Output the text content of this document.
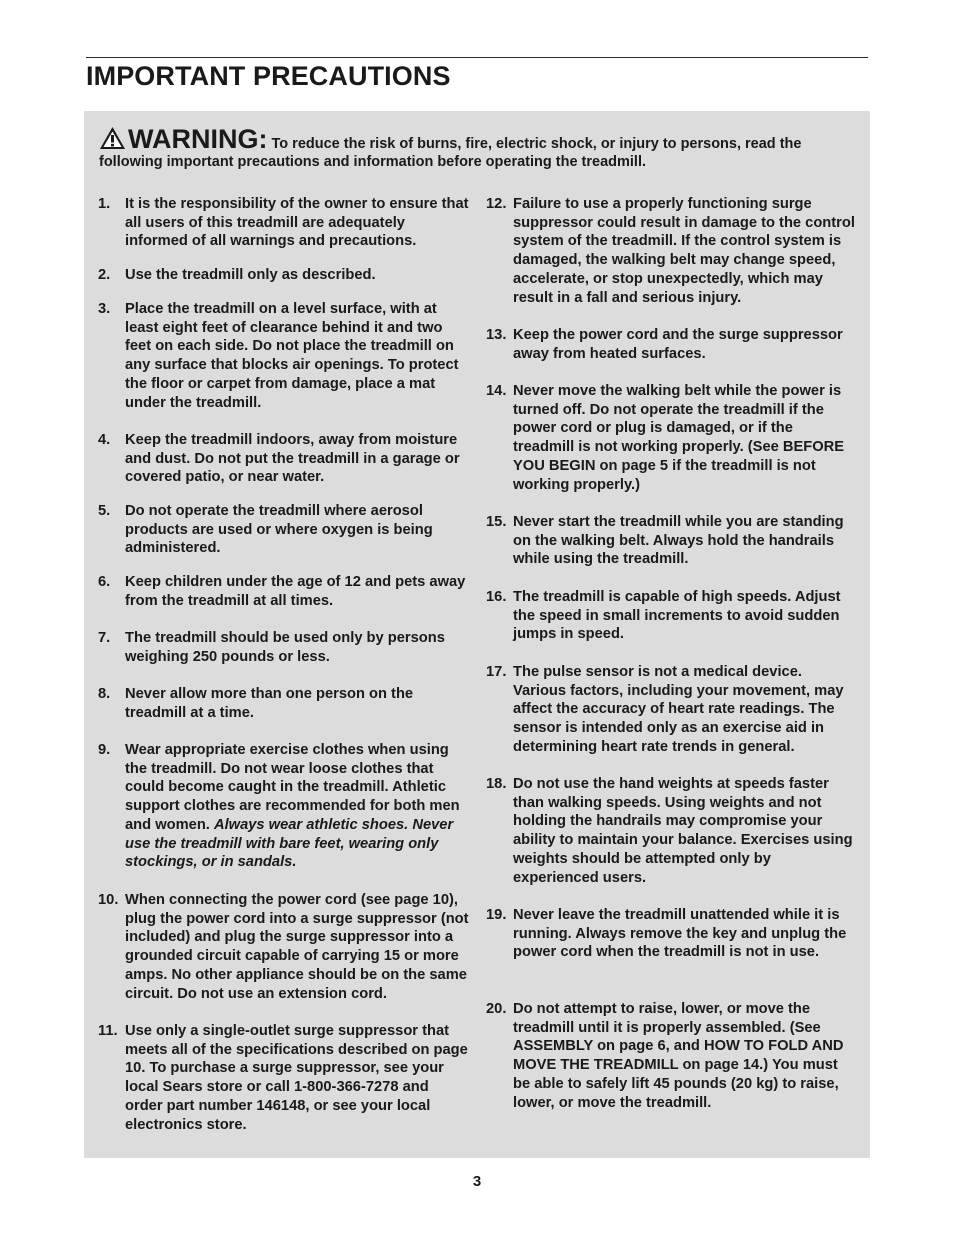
IMPORTANT PRECAUTIONS
WARNING: To reduce the risk of burns, fire, electric shock, or injury to persons, read the following important precautions and information before operating the treadmill.
1. It is the responsibility of the owner to ensure that all users of this treadmill are adequately informed of all warnings and precautions.
2. Use the treadmill only as described.
3. Place the treadmill on a level surface, with at least eight feet of clearance behind it and two feet on each side. Do not place the treadmill on any surface that blocks air openings. To protect the floor or carpet from damage, place a mat under the treadmill.
4. Keep the treadmill indoors, away from moisture and dust. Do not put the treadmill in a garage or covered patio, or near water.
5. Do not operate the treadmill where aerosol products are used or where oxygen is being administered.
6. Keep children under the age of 12 and pets away from the treadmill at all times.
7. The treadmill should be used only by persons weighing 250 pounds or less.
8. Never allow more than one person on the treadmill at a time.
9. Wear appropriate exercise clothes when using the treadmill. Do not wear loose clothes that could become caught in the treadmill. Athletic support clothes are recommended for both men and women. Always wear athletic shoes. Never use the treadmill with bare feet, wearing only stockings, or in sandals.
10. When connecting the power cord (see page 10), plug the power cord into a surge suppressor (not included) and plug the surge suppressor into a grounded circuit capable of carrying 15 or more amps. No other appliance should be on the same circuit. Do not use an extension cord.
11. Use only a single-outlet surge suppressor that meets all of the specifications described on page 10. To purchase a surge suppressor, see your local Sears store or call 1-800-366-7278 and order part number 146148, or see your local electronics store.
12. Failure to use a properly functioning surge suppressor could result in damage to the control system of the treadmill. If the control system is damaged, the walking belt may change speed, accelerate, or stop unexpectedly, which may result in a fall and serious injury.
13. Keep the power cord and the surge suppressor away from heated surfaces.
14. Never move the walking belt while the power is turned off. Do not operate the treadmill if the power cord or plug is damaged, or if the treadmill is not working properly. (See BEFORE YOU BEGIN on page 5 if the treadmill is not working properly.)
15. Never start the treadmill while you are standing on the walking belt. Always hold the handrails while using the treadmill.
16. The treadmill is capable of high speeds. Adjust the speed in small increments to avoid sudden jumps in speed.
17. The pulse sensor is not a medical device. Various factors, including your movement, may affect the accuracy of heart rate readings. The sensor is intended only as an exercise aid in determining heart rate trends in general.
18. Do not use the hand weights at speeds faster than walking speeds. Using weights and not holding the handrails may compromise your ability to maintain your balance. Exercises using weights should be attempted only by experienced users.
19. Never leave the treadmill unattended while it is running. Always remove the key and unplug the power cord when the treadmill is not in use.
20. Do not attempt to raise, lower, or move the treadmill until it is properly assembled. (See ASSEMBLY on page 6, and HOW TO FOLD AND MOVE THE TREADMILL on page 14.) You must be able to safely lift 45 pounds (20 kg) to raise, lower, or move the treadmill.
3
